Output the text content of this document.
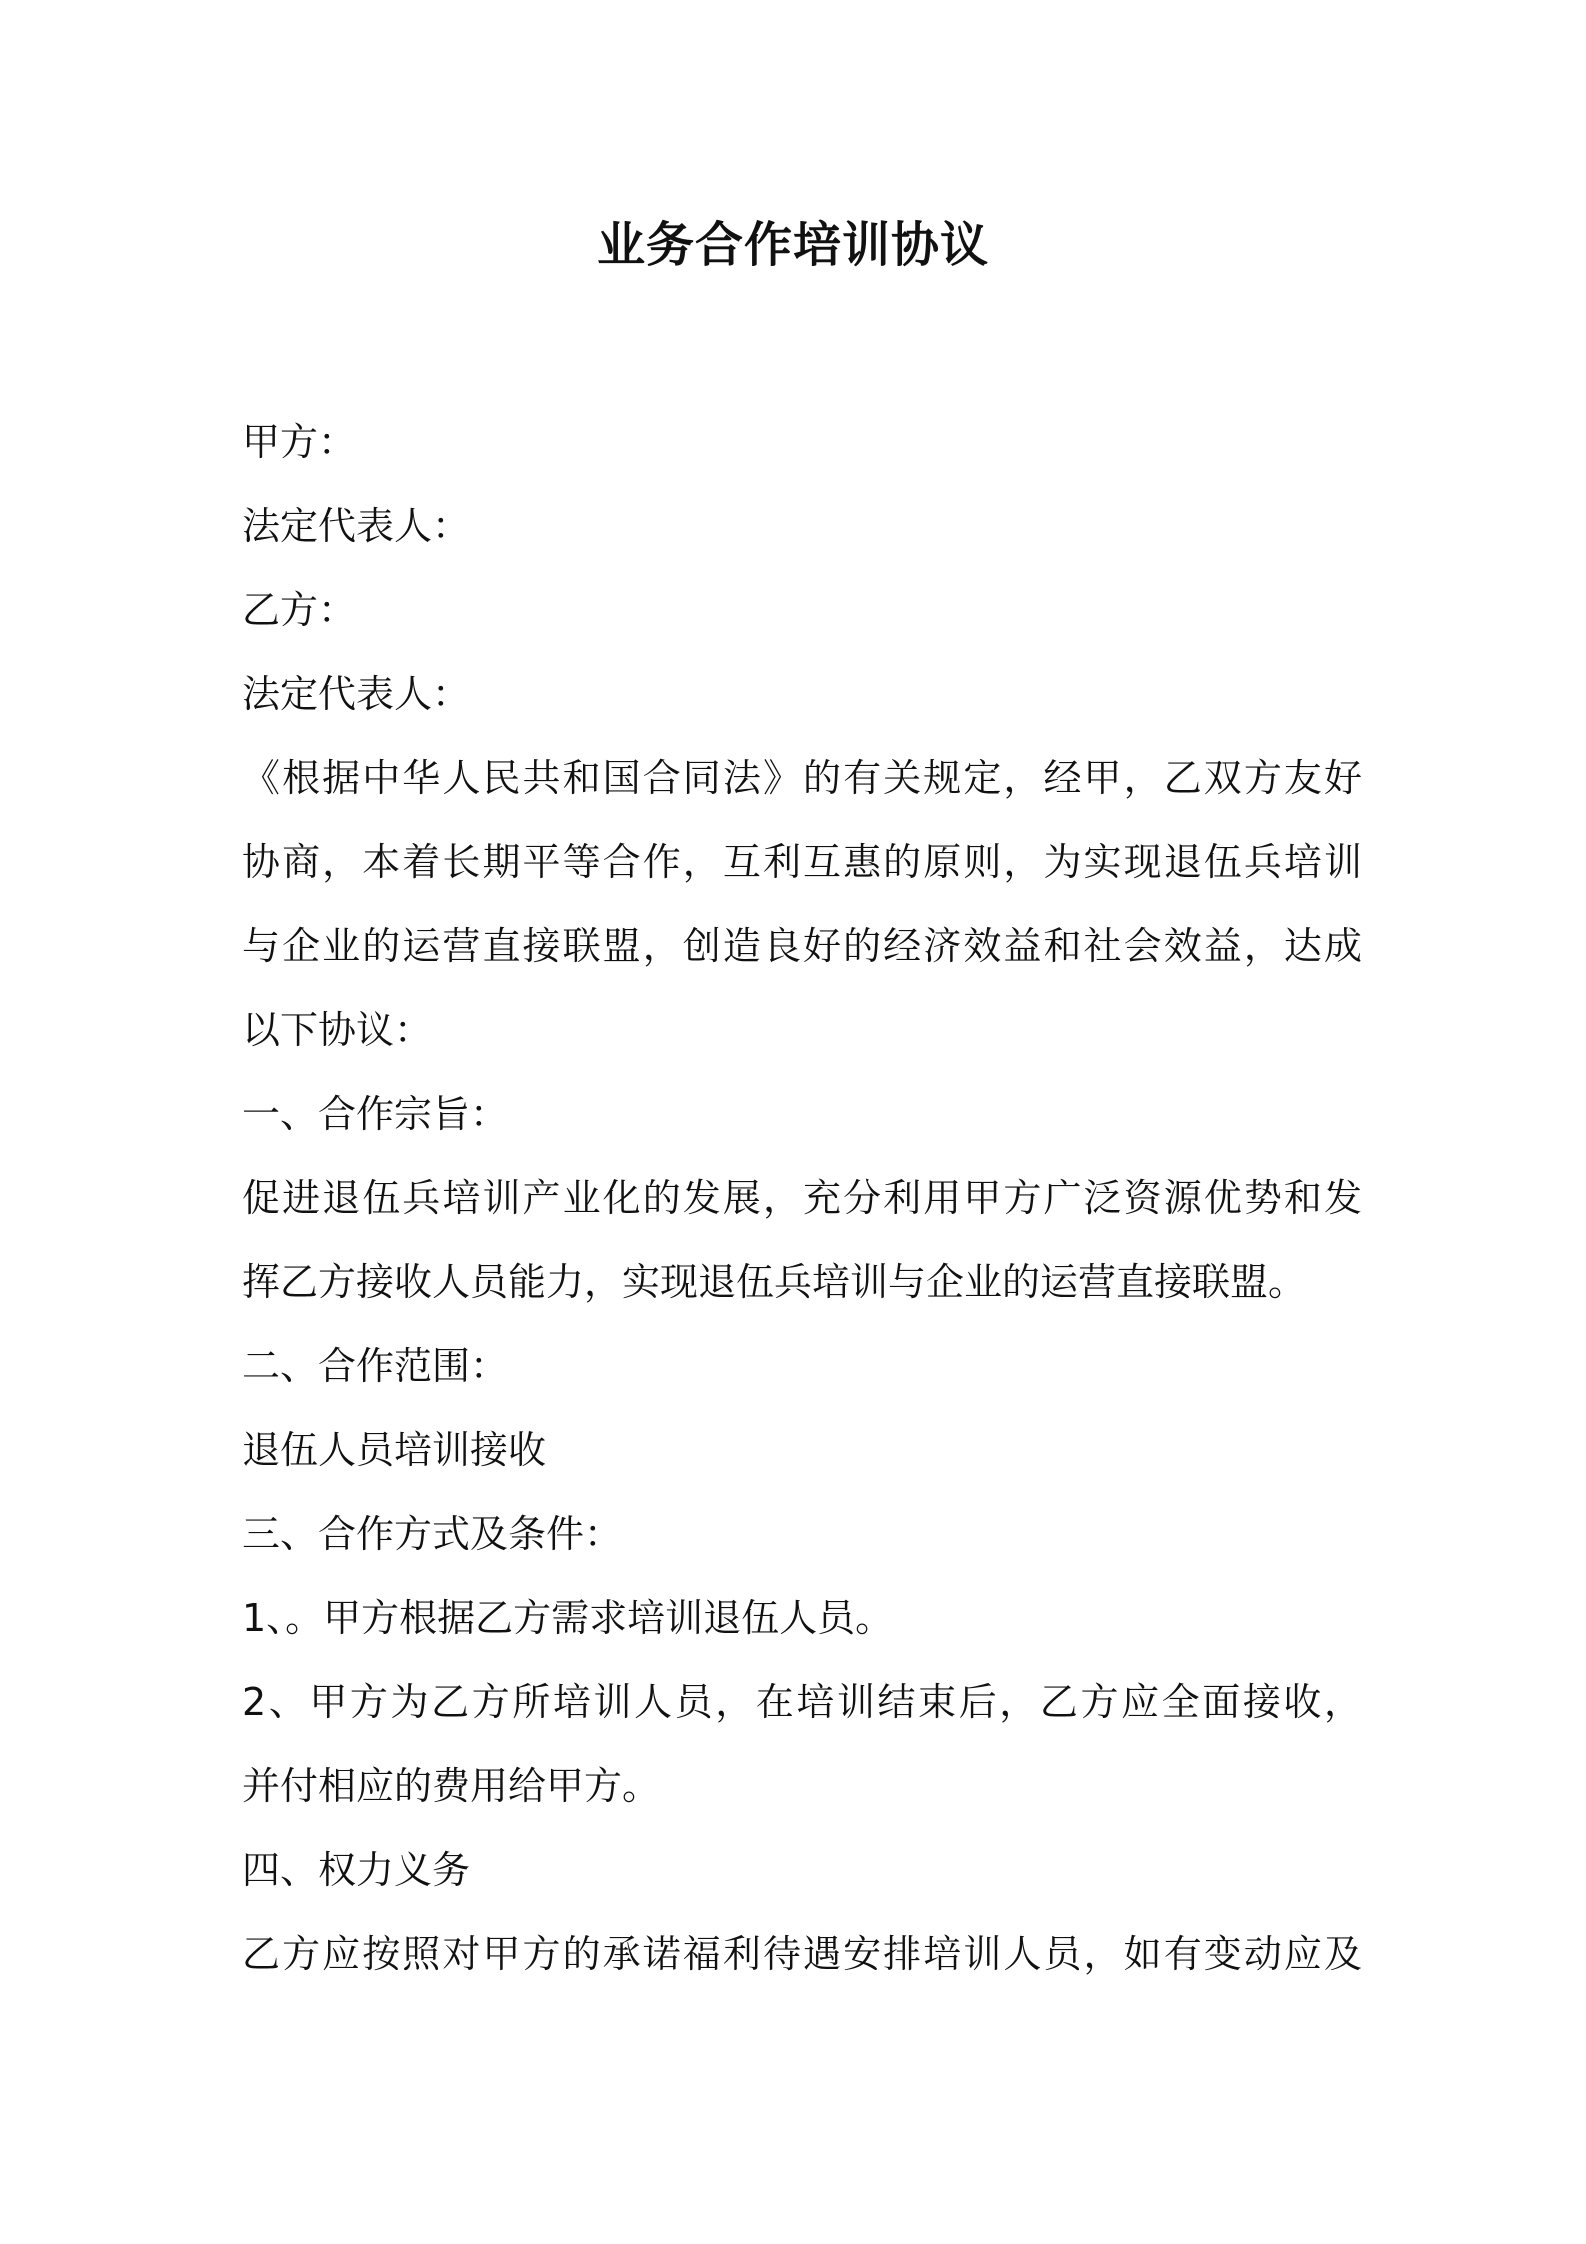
业务合作培训协议
甲方：
法定代表人：
乙方：
法定代表人：
《根据中华人民共和国合同法》的有关规定，经甲，乙双方友好
协商，本着长期平等合作，互利互惠的原则，为实现退伍兵培训
与企业的运营直接联盟，创造良好的经济效益和社会效益，达成
以下协议：
一、合作宗旨：
促进退伍兵培训产业化的发展，充分利用甲方广泛资源优势和发
挥乙方接收人员能力，实现退伍兵培训与企业的运营直接联盟。
二、合作范围：
退伍人员培训接收
三、合作方式及条件：
1、。甲方根据乙方需求培训退伍人员。
2、甲方为乙方所培训人员，在培训结束后，乙方应全面接收，
并付相应的费用给甲方。
四、权力义务
乙方应按照对甲方的承诺福利待遇安排培训人员，如有变动应及
